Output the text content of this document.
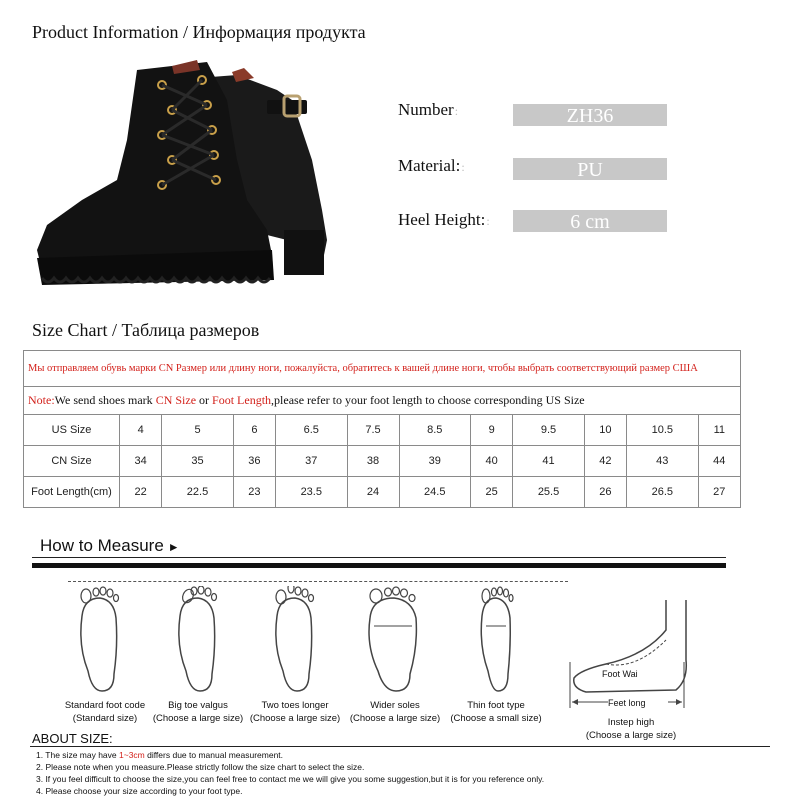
Product Information / Информация продукта
Number:	ZH36
Material::	PU
Heel Height::	6 cm
Size Chart / Таблица размеров
Мы отправляем обувь марки CN Размер или длину ноги, пожалуйста, обратитесь к вашей длине ноги, чтобы выбрать соответствующий размер США											
Note:We send shoes mark CN Size or Foot Length,please refer to your foot length to choose corresponding US Size											
US Size	4	5	6	6.5	7.5	8.5	9	9.5	10	10.5	11
CN Size	34	35	36	37	38	39	40	41	42	43	44
Foot Length(cm)	22	22.5	23	23.5	24	24.5	25	25.5	26	26.5	27
How to Measure ►
Foot Wai
Feet long
Standard foot code
(Standard size)
Big toe valgus
(Choose a large size)
Two toes longer
(Choose a large size)
Wider soles
(Choose a large size)
Thin foot type
(Choose a small size)	Instep high
(Choose a large size)
ABOUT SIZE:
1. The size may have 1~3cm differs due to manual measurement.
2. Please note when you measure.Please strictly follow the size chart to select the size.
3. If you feel difficult to choose the size,you can feel free to contact me we will give you some suggestion,but it is for you reference only.
4. Please choose your size according to your foot type.
